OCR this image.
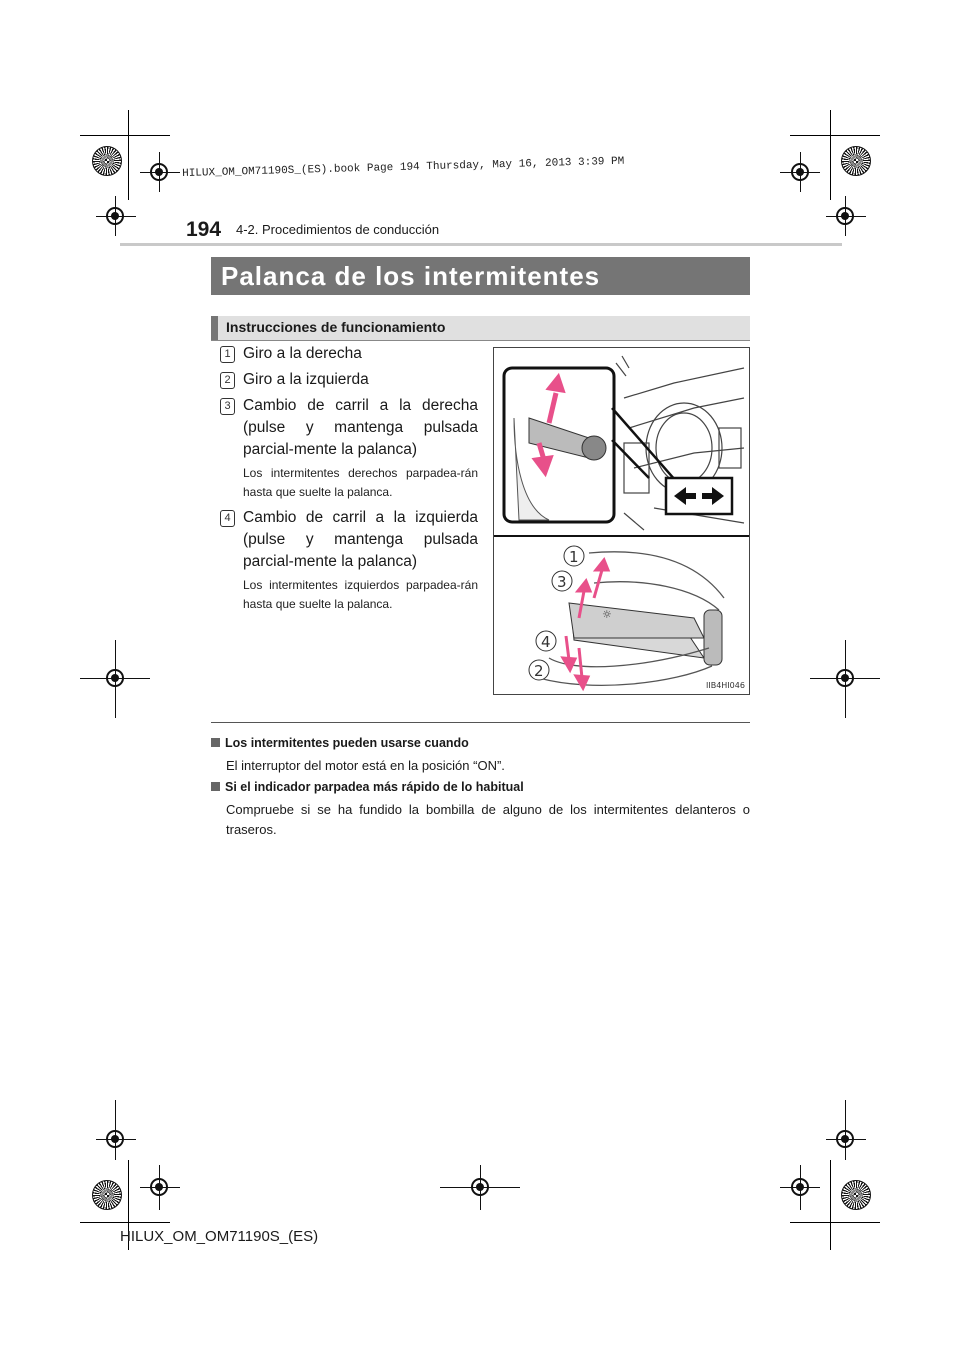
HILUX_OM_OM71190S_(ES).book Page 194 Thursday, May 16, 2013 3:39 PM
194 4-2. Procedimientos de conducción
Palanca de los intermitentes
Instrucciones de funcionamiento
1 Giro a la derecha
2 Giro a la izquierda
3 Cambio de carril a la derecha (pulse y mantenga pulsada parcial-mente la palanca)
Los intermitentes derechos parpadea-rán hasta que suelte la palanca.
4 Cambio de carril a la izquierda (pulse y mantenga pulsada parcial-mente la palanca)
Los intermitentes izquierdos parpadea-rán hasta que suelte la palanca.
☼
1
3
4
2
IIB4HI046
Los intermitentes pueden usarse cuando
El interruptor del motor está en la posición “ON”.
Si el indicador parpadea más rápido de lo habitual
Compruebe si se ha fundido la bombilla de alguno de los intermitentes delanteros o traseros.
HILUX_OM_OM71190S_(ES)
